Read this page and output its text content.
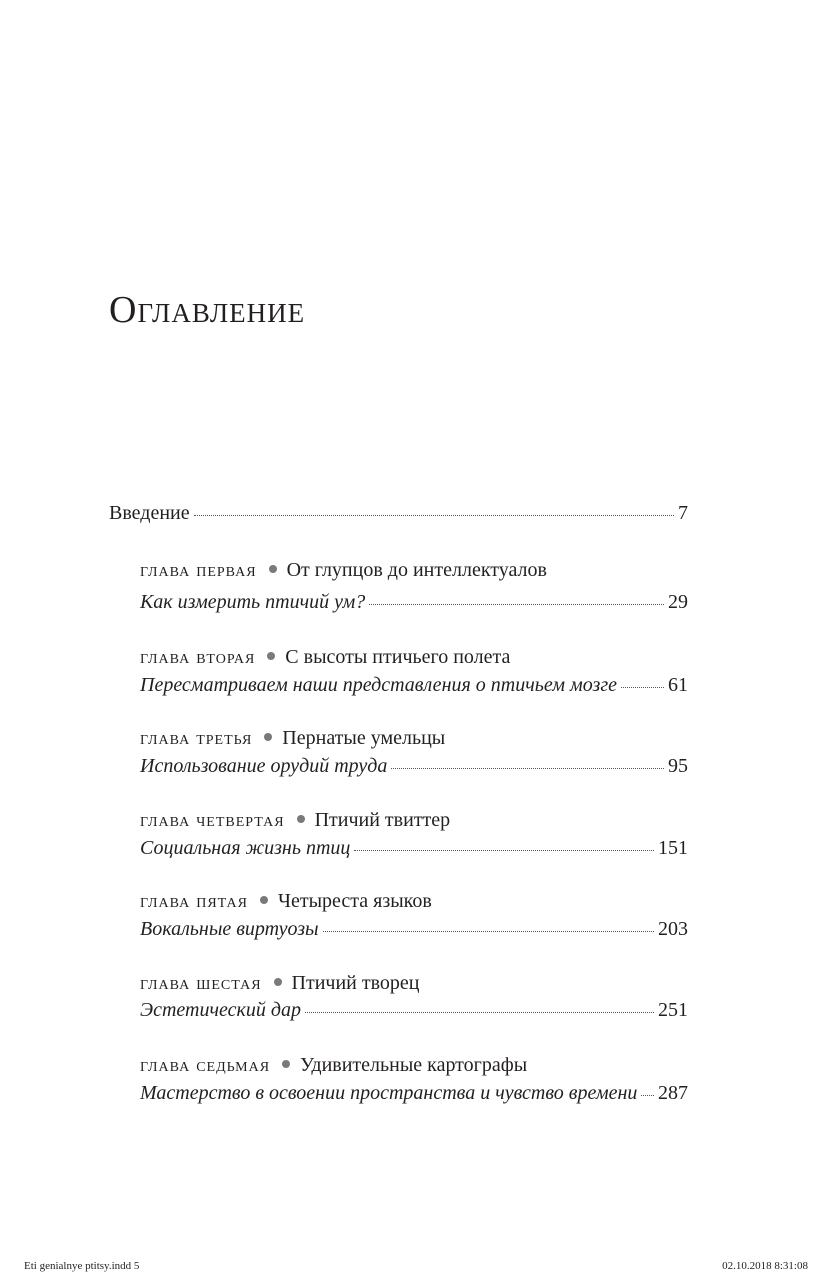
Оглавление
Введение	7
глава первая От глупцов до интеллектуалов
Как измерить птичий ум?	29
глава вторая С высоты птичьего полета
Пересматриваем наши представления о птичьем мозге	61
глава третья Пернатые умельцы
Использование орудий труда	95
глава четвертая Птичий твиттер
Социальная жизнь птиц	151
глава пятая Четыреста языков
Вокальные виртуозы	203
глава шестая Птичий творец
Эстетический дар	251
глава седьмая Удивительные картографы
Мастерство в освоении пространства и чувство времени 287
Eti genialnye ptitsy.indd 5	02.10.2018 8:31:08
